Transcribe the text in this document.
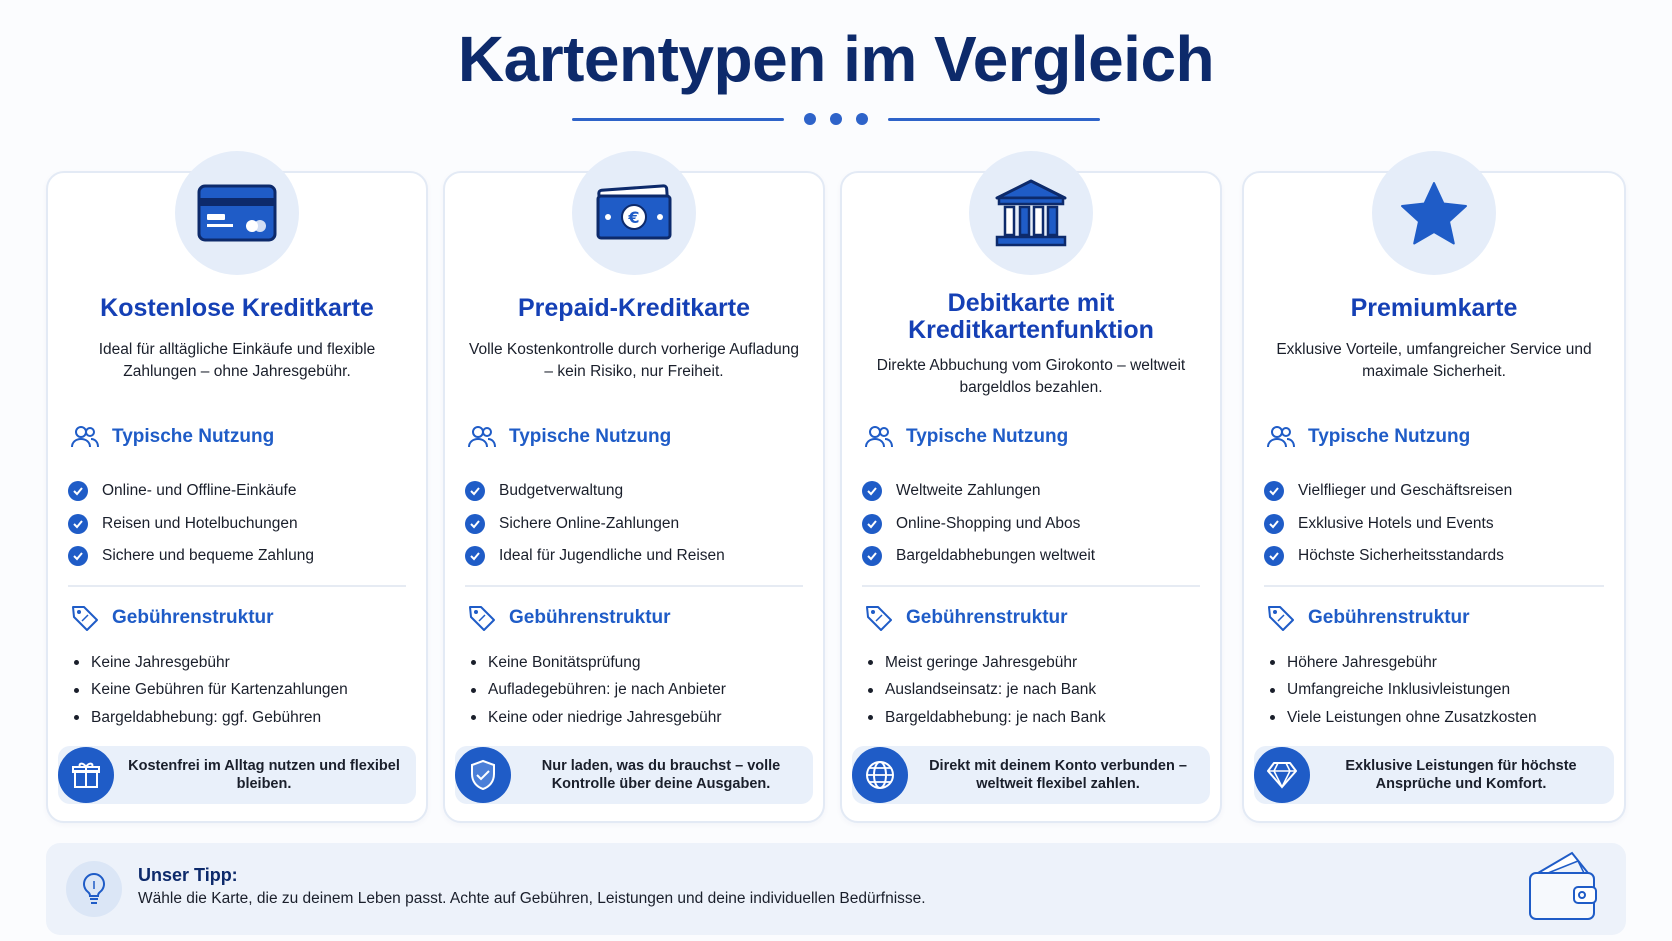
Kartentypen im Vergleich
Kostenlose Kreditkarte
Ideal für alltägliche Einkäufe und flexible Zahlungen – ohne Jahresgebühr.
Typische Nutzung
Online- und Offline-Einkäufe
Reisen und Hotelbuchungen
Sichere und bequeme Zahlung
Gebührenstruktur
Keine Jahresgebühr
Keine Gebühren für Kartenzahlungen
Bargeldabhebung: ggf. Gebühren
Kostenfrei im Alltag nutzen und flexibel bleiben.
€
Prepaid-Kreditkarte
Volle Kostenkontrolle durch vorherige Aufladung – kein Risiko, nur Freiheit.
Typische Nutzung
Budgetverwaltung
Sichere Online-Zahlungen
Ideal für Jugendliche und Reisen
Gebührenstruktur
Keine Bonitätsprüfung
Aufladegebühren: je nach Anbieter
Keine oder niedrige Jahresgebühr
Nur laden, was du brauchst – volle Kontrolle über deine Ausgaben.
Debitkarte mit Kreditkartenfunktion
Direkte Abbuchung vom Girokonto – weltweit bargeldlos bezahlen.
Typische Nutzung
Weltweite Zahlungen
Online-Shopping und Abos
Bargeldabhebungen weltweit
Gebührenstruktur
Meist geringe Jahresgebühr
Auslandseinsatz: je nach Bank
Bargeldabhebung: je nach Bank
Direkt mit deinem Konto verbunden – weltweit flexibel zahlen.
Premiumkarte
Exklusive Vorteile, umfangreicher Service und maximale Sicherheit.
Typische Nutzung
Vielflieger und Geschäftsreisen
Exklusive Hotels und Events
Höchste Sicherheitsstandards
Gebührenstruktur
Höhere Jahresgebühr
Umfangreiche Inklusivleistungen
Viele Leistungen ohne Zusatzkosten
Exklusive Leistungen für höchste Ansprüche und Komfort.
Unser Tipp:
Wähle die Karte, die zu deinem Leben passt. Achte auf Gebühren, Leistungen und deine individuellen Bedürfnisse.
